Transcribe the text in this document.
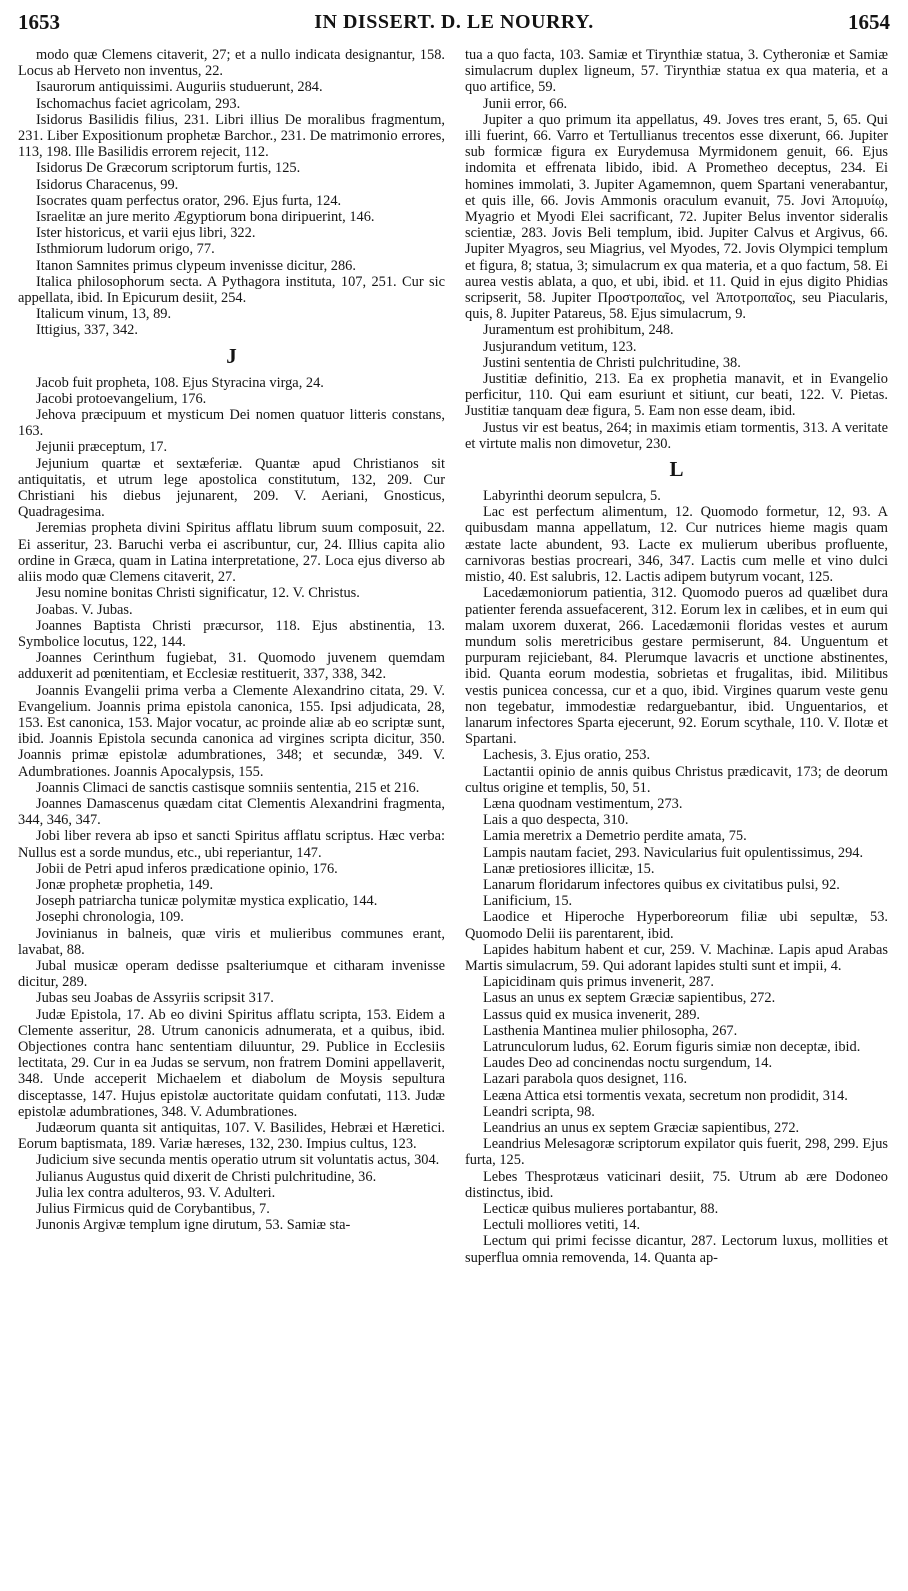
1653	IN DISSERT. D. LE NOURRY.	1654

modo quæ Clemens citaverit, 27; et a nullo indicata designantur, 158. Locus ab Herveto non inventus, 22.

Isaurorum antiquissimi. Auguriis studuerunt, 284.

Ischomachus faciet agricolam, 293.

Isidorus Basilidis filius, 231. Libri illius De moralibus fragmentum, 231. Liber Expositionum prophetæ Barchor., 231. De matrimonio errores, 113, 198. Ille Basilidis errorem rejecit, 112.

Isidorus De Græcorum scriptorum furtis, 125.

Isidorus Characenus, 99.

Isocrates quam perfectus orator, 296. Ejus furta, 124.

Israelitæ an jure merito Ægyptiorum bona diripuerint, 146.

Ister historicus, et varii ejus libri, 322.

Isthmiorum ludorum origo, 77.

Itanon Samnites primus clypeum invenisse dicitur, 286.

Italica philosophorum secta. A Pythagora instituta, 107, 251. Cur sic appellata, ibid. In Epicurum desiit, 254.

Italicum vinum, 13, 89.

Ittigius, 337, 342.

J

Jacob fuit propheta, 108. Ejus Styracina virga, 24.

Jacobi protoevangelium, 176.

Jehova præcipuum et mysticum Dei nomen quatuor litteris constans, 163.

Jejunii præceptum, 17.

Jejunium quartæ et sextæferiæ. Quantæ apud Christianos sit antiquitatis, et utrum lege apostolica constitutum, 132, 209. Cur Christiani his diebus jejunarent, 209. V. Aeriani, Gnosticus, Quadragesima.

Jeremias propheta divini Spiritus afflatu librum suum composuit, 22. Ei asseritur, 23. Baruchi verba ei ascribuntur, cur, 24. Illius capita alio ordine in Græca, quam in Latina interpretatione, 27. Loca ejus diverso ab aliis modo quæ Clemens citaverit, 27.

Jesu nomine bonitas Christi significatur, 12. V. Christus.

Joabas. V. Jubas.

Joannes Baptista Christi præcursor, 118. Ejus abstinentia, 13. Symbolice locutus, 122, 144.

Joannes Cerinthum fugiebat, 31. Quomodo juvenem quemdam adduxerit ad pœnitentiam, et Ecclesiæ restituerit, 337, 338, 342.

Joannis Evangelii prima verba a Clemente Alexandrino citata, 29. V. Evangelium. Joannis prima epistola canonica, 155. Ipsi adjudicata, 28, 153. Est canonica, 153. Major vocatur, ac proinde aliæ ab eo scriptæ sunt, ibid. Joannis Epistola secunda canonica ad virgines scripta dicitur, 350. Joannis primæ epistolæ adumbrationes, 348; et secundæ, 349. V. Adumbrationes. Joannis Apocalypsis, 155.

Joannis Climaci de sanctis castisque somniis sententia, 215 et 216.

Joannes Damascenus quædam citat Clementis Alexandrini fragmenta, 344, 346, 347.

Jobi liber revera ab ipso et sancti Spiritus afflatu scriptus. Hæc verba: Nullus est a sorde mundus, etc., ubi reperiantur, 147.

Jobii de Petri apud inferos prædicatione opinio, 176.

Jonæ prophetæ prophetia, 149.

Joseph patriarcha tunicæ polymitæ mystica explicatio, 144.

Josephi chronologia, 109.

Jovinianus in balneis, quæ viris et mulieribus communes erant, lavabat, 88.

Jubal musicæ operam dedisse psalteriumque et citharam invenisse dicitur, 289.

Jubas seu Joabas de Assyriis scripsit 317.

Judæ Epistola, 17. Ab eo divini Spiritus afflatu scripta, 153. Eidem a Clemente asseritur, 28. Utrum canonicis adnumerata, et a quibus, ibid. Objectiones contra hanc sententiam diluuntur, 29. Publice in Ecclesiis lectitata, 29. Cur in ea Judas se servum, non fratrem Domini appellaverit, 348. Unde acceperit Michaelem et diabolum de Moysis sepultura disceptasse, 147. Hujus epistolæ auctoritate quidam confutati, 113. Judæ epistolæ adumbrationes, 348. V. Adumbrationes.

Judæorum quanta sit antiquitas, 107. V. Basilides, Hebræi et Hæretici. Eorum baptismata, 189. Variæ hæreses, 132, 230. Impius cultus, 123.

Judicium sive secunda mentis operatio utrum sit voluntatis actus, 304.

Julianus Augustus quid dixerit de Christi pulchritudine, 36.

Julia lex contra adulteros, 93. V. Adulteri.

Julius Firmicus quid de Corybantibus, 7.

Junonis Argivæ templum igne dirutum, 53. Samiæ sta-

tua a quo facta, 103. Samiæ et Tirynthiæ statua, 3. Cytheroniæ et Samiæ simulacrum duplex ligneum, 57. Tirynthiæ statua ex qua materia, et a quo artifice, 59.

Junii error, 66.

Jupiter a quo primum ita appellatus, 49. Joves tres erant, 5, 65. Qui illi fuerint, 66. Varro et Tertullianus trecentos esse dixerunt, 66. Jupiter sub formicæ figura ex Eurydemusa Myrmidonem genuit, 66. Ejus indomita et effrenata libido, ibid. A Prometheo deceptus, 234. Ei homines immolati, 3. Jupiter Agamemnon, quem Spartani venerabantur, et quis ille, 66. Jovis Ammonis oraculum evanuit, 75. Jovi Ἀπομυίῳ, Myagrio et Myodi Elei sacrificant, 72. Jupiter Belus inventor sideralis scientiæ, 283. Jovis Beli templum, ibid. Jupiter Calvus et Argivus, 66. Jupiter Myagros, seu Miagrius, vel Myodes, 72. Jovis Olympici templum et figura, 8; statua, 3; simulacrum ex qua materia, et a quo factum, 58. Ei aurea vestis ablata, a quo, et ubi, ibid. et 11. Quid in ejus digito Phidias scripserit, 58. Jupiter Προστροπαῖος, vel Ἀποτροπαῖος, seu Piacularis, quis, 8. Jupiter Patareus, 58. Ejus simulacrum, 9.

Juramentum est prohibitum, 248.

Jusjurandum vetitum, 123.

Justini sententia de Christi pulchritudine, 38.

Justitiæ definitio, 213. Ea ex prophetia manavit, et in Evangelio perficitur, 110. Qui eam esuriunt et sitiunt, cur beati, 122. V. Pietas. Justitiæ tanquam deæ figura, 5. Eam non esse deam, ibid.

Justus vir est beatus, 264; in maximis etiam tormentis, 313. A veritate et virtute malis non dimovetur, 230.

L

Labyrinthi deorum sepulcra, 5.

Lac est perfectum alimentum, 12. Quomodo formetur, 12, 93. A quibusdam manna appellatum, 12. Cur nutrices hieme magis quam æstate lacte abundent, 93. Lacte ex mulierum uberibus profluente, carnivoras bestias procreari, 346, 347. Lactis cum melle et vino dulci mistio, 40. Est salubris, 12. Lactis adipem butyrum vocant, 125.

Lacedæmoniorum patientia, 312. Quomodo pueros ad quælibet dura patienter ferenda assuefacerent, 312. Eorum lex in cælibes, et in eum qui malam uxorem duxerat, 266. Lacedæmonii floridas vestes et aurum mundum solis meretricibus gestare permiserunt, 84. Unguentum et purpuram rejiciebant, 84. Plerumque lavacris et unctione abstinentes, ibid. Quanta eorum modestia, sobrietas et frugalitas, ibid. Militibus vestis punicea concessa, cur et a quo, ibid. Virgines quarum veste genu non tegebatur, immodestiæ redarguebantur, ibid. Unguentarios, et lanarum infectores Sparta ejecerunt, 92. Eorum scythale, 110. V. Ilotæ et Spartani.

Lachesis, 3. Ejus oratio, 253.

Lactantii opinio de annis quibus Christus prædicavit, 173; de deorum cultus origine et templis, 50, 51.

Læna quodnam vestimentum, 273.

Lais a quo despecta, 310.

Lamia meretrix a Demetrio perdite amata, 75.

Lampis nautam faciet, 293. Navicularius fuit opulentissimus, 294.

Lanæ pretiosiores illicitæ, 15.

Lanarum floridarum infectores quibus ex civitatibus pulsi, 92.

Lanificium, 15.

Laodice et Hiperoche Hyperboreorum filiæ ubi sepultæ, 53. Quomodo Delii iis parentarent, ibid.

Lapides habitum habent et cur, 259. V. Machinæ. Lapis apud Arabas Martis simulacrum, 59. Qui adorant lapides stulti sunt et impii, 4.

Lapicidinam quis primus invenerit, 287.

Lasus an unus ex septem Græciæ sapientibus, 272.

Lassus quid ex musica invenerit, 289.

Lasthenia Mantinea mulier philosopha, 267.

Latrunculorum ludus, 62. Eorum figuris simiæ non deceptæ, ibid.

Laudes Deo ad concinendas noctu surgendum, 14.

Lazari parabola quos designet, 116.

Leæna Attica etsi tormentis vexata, secretum non prodidit, 314.

Leandri scripta, 98.

Leandrius an unus ex septem Græciæ sapientibus, 272.

Leandrius Melesagoræ scriptorum expilator quis fuerit, 298, 299. Ejus furta, 125.

Lebes Thesprotæus vaticinari desiit, 75. Utrum ab ære Dodoneo distinctus, ibid.

Lecticæ quibus mulieres portabantur, 88.

Lectuli molliores vetiti, 14.

Lectum qui primi fecisse dicantur, 287. Lectorum luxus, mollities et superflua omnia removenda, 14. Quanta ap-
